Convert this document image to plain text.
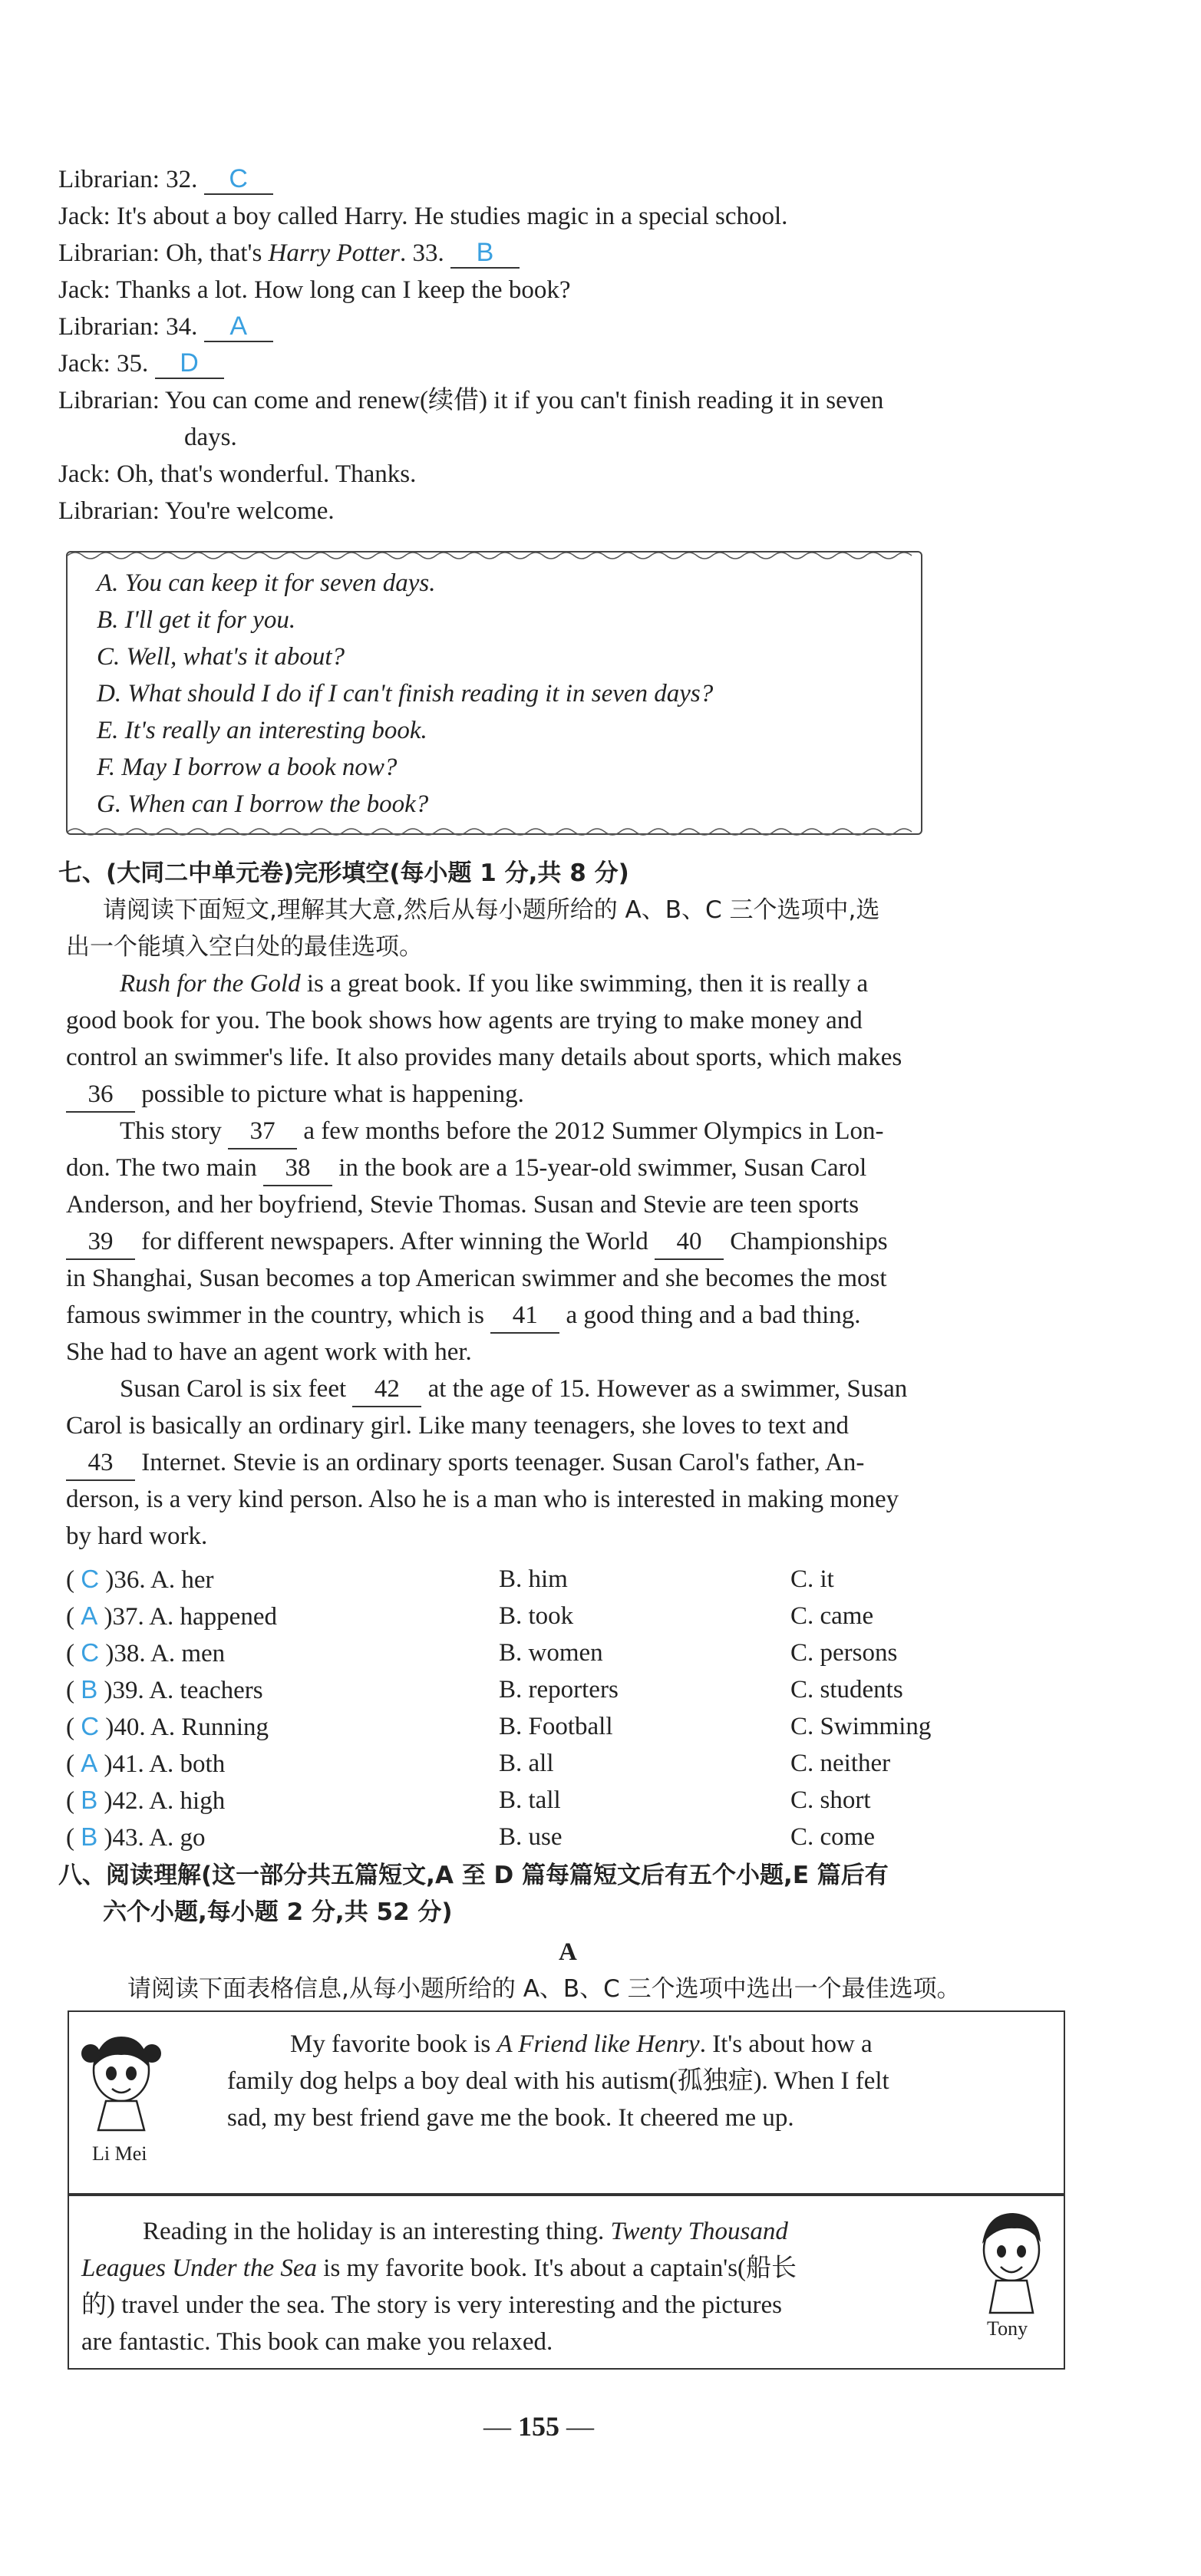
Librarian: 32. C
Jack: It's about a boy called Harry. He studies magic in a special school.
Librarian: Oh, that's Harry Potter. 33. B
Jack: Thanks a lot. How long can I keep the book?
Librarian: 34. A
Jack: 35. D
Librarian: You can come and renew(续借) it if you can't finish reading it in seven
days.
Jack: Oh, that's wonderful. Thanks.
Librarian: You're welcome.
A. You can keep it for seven days.
B. I'll get it for you.
C. Well, what's it about?
D. What should I do if I can't finish reading it in seven days?
E. It's really an interesting book.
F. May I borrow a book now?
G. When can I borrow the book?
七、(大同二中单元卷)完形填空(每小题 1 分,共 8 分)
请阅读下面短文,理解其大意,然后从每小题所给的 A、B、C 三个选项中,选
出一个能填入空白处的最佳选项。
Rush for the Gold is a great book. If you like swimming, then it is really a
good book for you. The book shows how agents are trying to make money and
control an swimmer's life. It also provides many details about sports, which makes
36 possible to picture what is happening.
This story 37 a few months before the 2012 Summer Olympics in Lon-
don. The two main 38 in the book are a 15-year-old swimmer, Susan Carol
Anderson, and her boyfriend, Stevie Thomas. Susan and Stevie are teen sports
39 for different newspapers. After winning the World 40 Championships
in Shanghai, Susan becomes a top American swimmer and she becomes the most
famous swimmer in the country, which is 41 a good thing and a bad thing.
She had to have an agent work with her.
Susan Carol is six feet 42 at the age of 15. However as a swimmer, Susan
Carol is basically an ordinary girl. Like many teenagers, she loves to text and
43 Internet. Stevie is an ordinary sports teenager. Susan Carol's father, An-
derson, is a very kind person. Also he is a man who is interested in making money
by hard work.
( C )36. A. her	B. him	C. it
( A )37. A. happened	B. took	C. came
( C )38. A. men	B. women	C. persons
( B )39. A. teachers	B. reporters	C. students
( C )40. A. Running	B. Football	C. Swimming
( A )41. A. both	B. all	C. neither
( B )42. A. high	B. tall	C. short
( B )43. A. go	B. use	C. come
八、阅读理解(这一部分共五篇短文,A 至 D 篇每篇短文后有五个小题,E 篇后有
六个小题,每小题 2 分,共 52 分)
A
请阅读下面表格信息,从每小题所给的 A、B、C 三个选项中选出一个最佳选项。
Li Mei
My favorite book is A Friend like Henry. It's about how a
family dog helps a boy deal with his autism(孤独症). When I felt
sad, my best friend gave me the book. It cheered me up.
Reading in the holiday is an interesting thing. Twenty Thousand
Leagues Under the Sea is my favorite book. It's about a captain's(船长
的) travel under the sea. The story is very interesting and the pictures
are fantastic. This book can make you relaxed.	Tony
— 155 —
